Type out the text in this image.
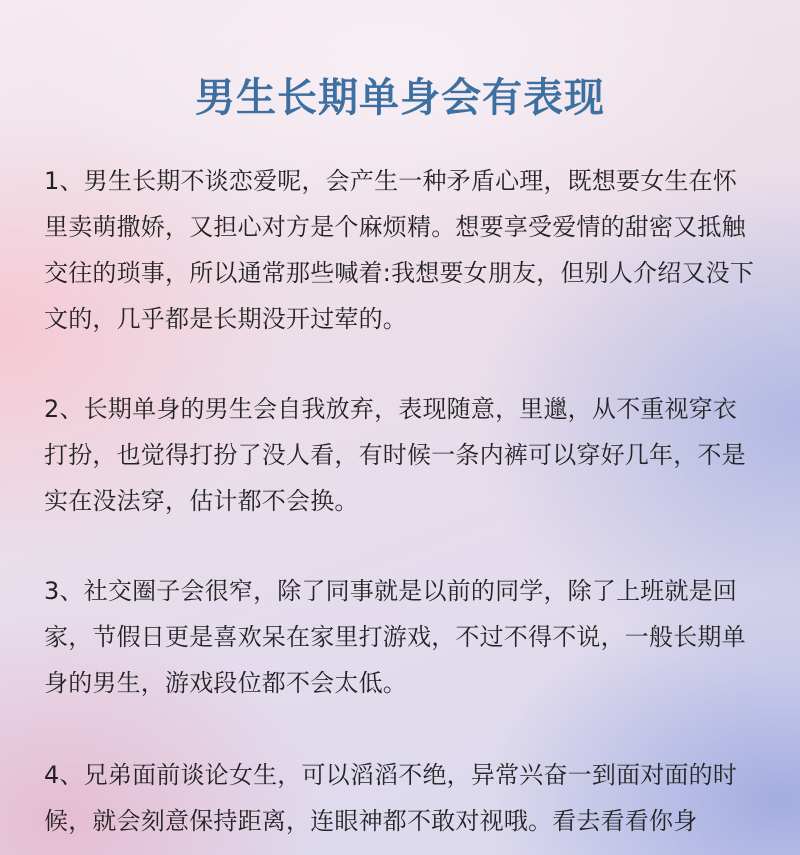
男生长期单身会有表现

1、男生长期不谈恋爱呢，会产生一种矛盾心理，既想要女生在怀里卖萌撒娇，又担心对方是个麻烦精。想要享受爱情的甜密又抵触交往的琐事，所以通常那些喊着:我想要女朋友，但别人介绍又没下文的，几乎都是长期没开过荤的。

2、长期单身的男生会自我放弃，表现随意，里邋，从不重视穿衣打扮，也觉得打扮了没人看，有时候一条内裤可以穿好几年，不是实在没法穿，估计都不会换。

3、社交圈子会很窄，除了同事就是以前的同学，除了上班就是回家，节假日更是喜欢呆在家里打游戏，不过不得不说，一般长期单身的男生，游戏段位都不会太低。

4、兄弟面前谈论女生，可以滔滔不绝，异常兴奋一到面对面的时候，就会刻意保持距离，连眼神都不敢对视哦。看去看看你身
